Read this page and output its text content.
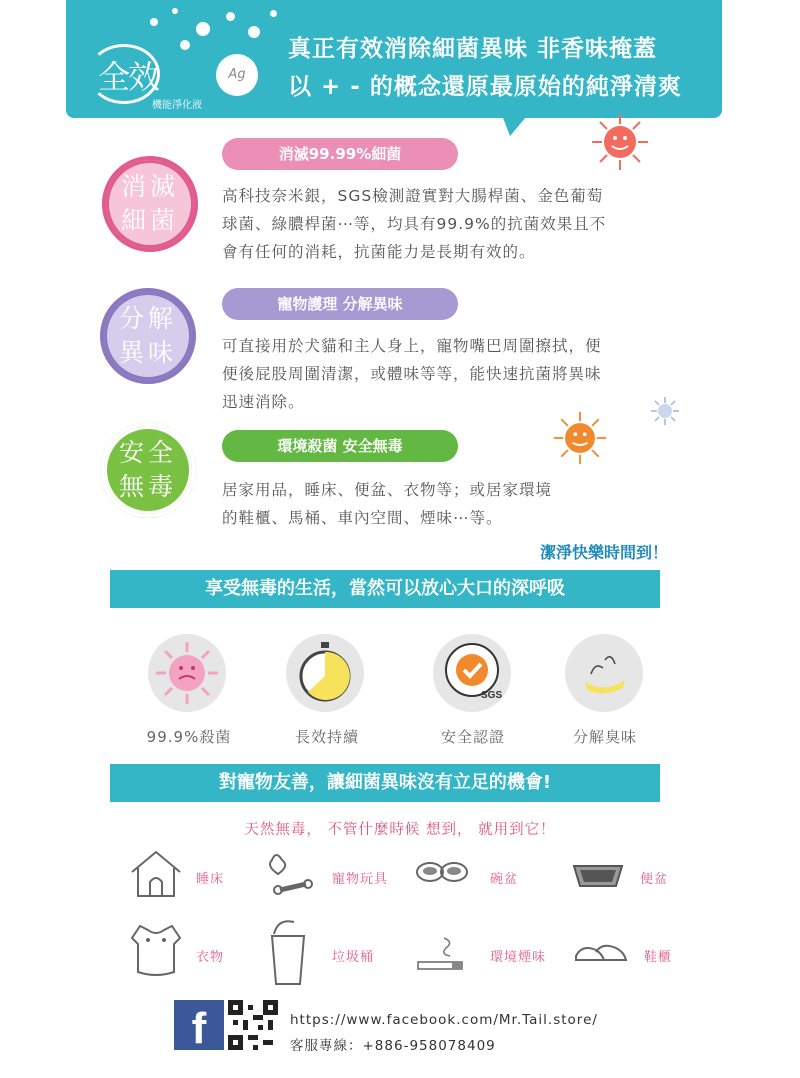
全效
機能淨化液
Ag
真正有效消除細菌異味 非香味掩蓋
以 + - 的概念還原最原始的純淨清爽
消滅
細菌
消滅99.99%細菌
高科技奈米銀，SGS檢測證實對大腸桿菌、金色葡萄
球菌、綠膿桿菌⋯等，均具有99.9%的抗菌效果且不
會有任何的消耗，抗菌能力是長期有效的。
分解
異味
寵物護理 分解異味
可直接用於犬貓和主人身上，寵物嘴巴周圍擦拭，便
便後屁股周圍清潔，或體味等等，能快速抗菌將異味
迅速消除。
安全
無毒
環境殺菌 安全無毒
居家用品，睡床、便盆、衣物等；或居家環境
的鞋櫃、馬桶、車內空間、煙味⋯等。
潔淨快樂時間到！
享受無毒的生活，當然可以放心大口的深呼吸
SGS
99.9%殺菌	長效持續	安全認證	分解臭味
對寵物友善，讓細菌異味沒有立足的機會!
天然無毒， 不管什麼時候 想到， 就用到它！
睡床	寵物玩具	碗盆	便盆
衣物	垃圾桶	環境煙味	鞋櫃
f	https://www.facebook.com/Mr.Tail.store/
客服專線：+886-958078409
